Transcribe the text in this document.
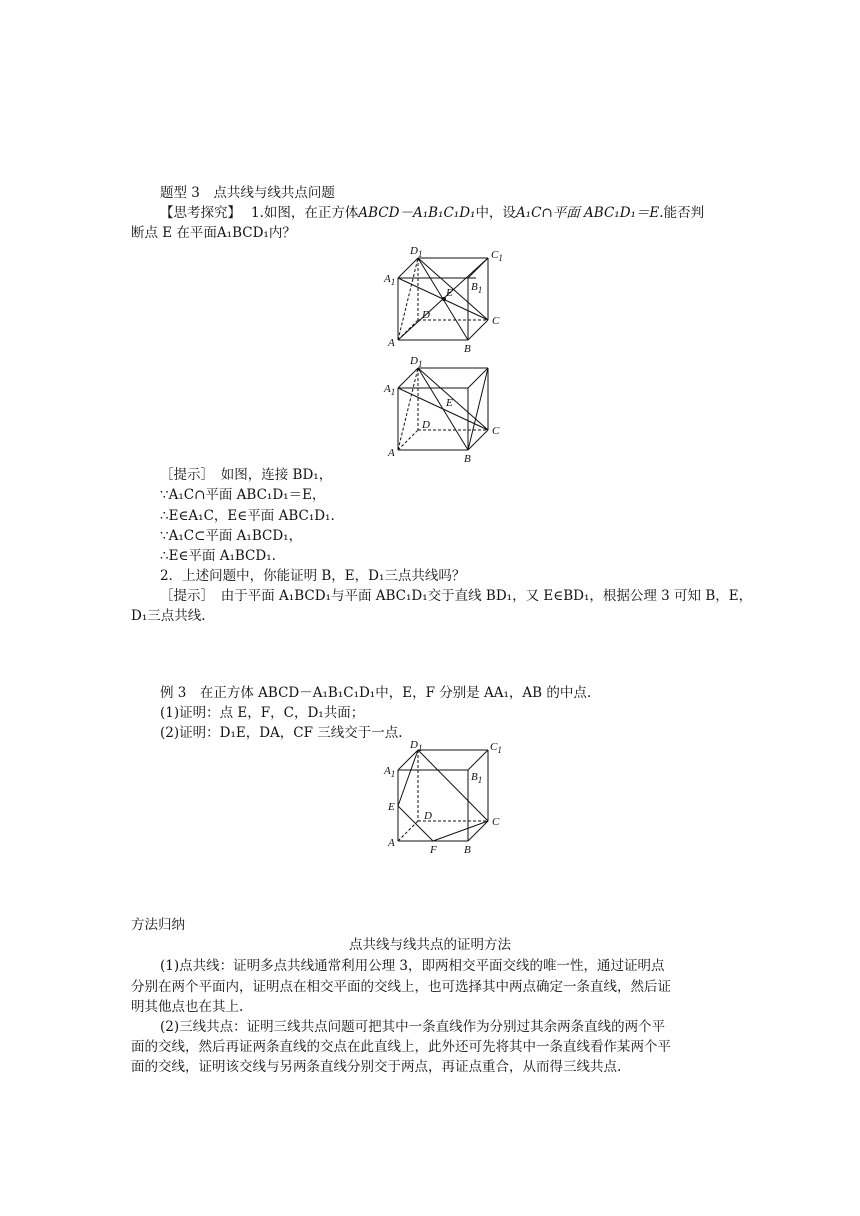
题型 3　点共线与线共点问题
【思考探究】 1.如图，在正方体ABCD－A₁B₁C₁D₁中，设A₁C∩平面 ABC₁D₁＝E.能否判
断点 E 在平面A₁BCD₁内？
$D_1$	$C_1$
$A_1$	$B_1$
E
D	C
A	B
$D_1$
$A_1$
E
D	C
A	B
［提示］　如图，连接 BD₁，
∵A₁C∩平面 ABC₁D₁＝E，
∴E∈A₁C，E∈平面 ABC₁D₁.
∵A₁C⊂平面 A₁BCD₁，
∴E∈平面 A₁BCD₁.
2．上述问题中，你能证明 B，E，D₁三点共线吗？
［提示］　由于平面 A₁BCD₁与平面 ABC₁D₁交于直线 BD₁，又 E∈BD₁，根据公理 3 可知 B，E，
D₁三点共线.
例 3　在正方体 ABCD－A₁B₁C₁D₁中，E，F 分别是 AA₁，AB 的中点.
(1)证明：点 E，F，C，D₁共面；
(2)证明：D₁E，DA，CF 三线交于一点.
$D_1$	$C_1$
$A_1$	$B_1$
E
D	C
A
F B
方法归纳
点共线与线共点的证明方法
(1)点共线：证明多点共线通常利用公理 3，即两相交平面交线的唯一性，通过证明点
分别在两个平面内，证明点在相交平面的交线上，也可选择其中两点确定一条直线，然后证
明其他点也在其上.
(2)三线共点：证明三线共点问题可把其中一条直线作为分别过其余两条直线的两个平
面的交线，然后再证两条直线的交点在此直线上，此外还可先将其中一条直线看作某两个平
面的交线，证明该交线与另两条直线分别交于两点，再证点重合，从而得三线共点.
